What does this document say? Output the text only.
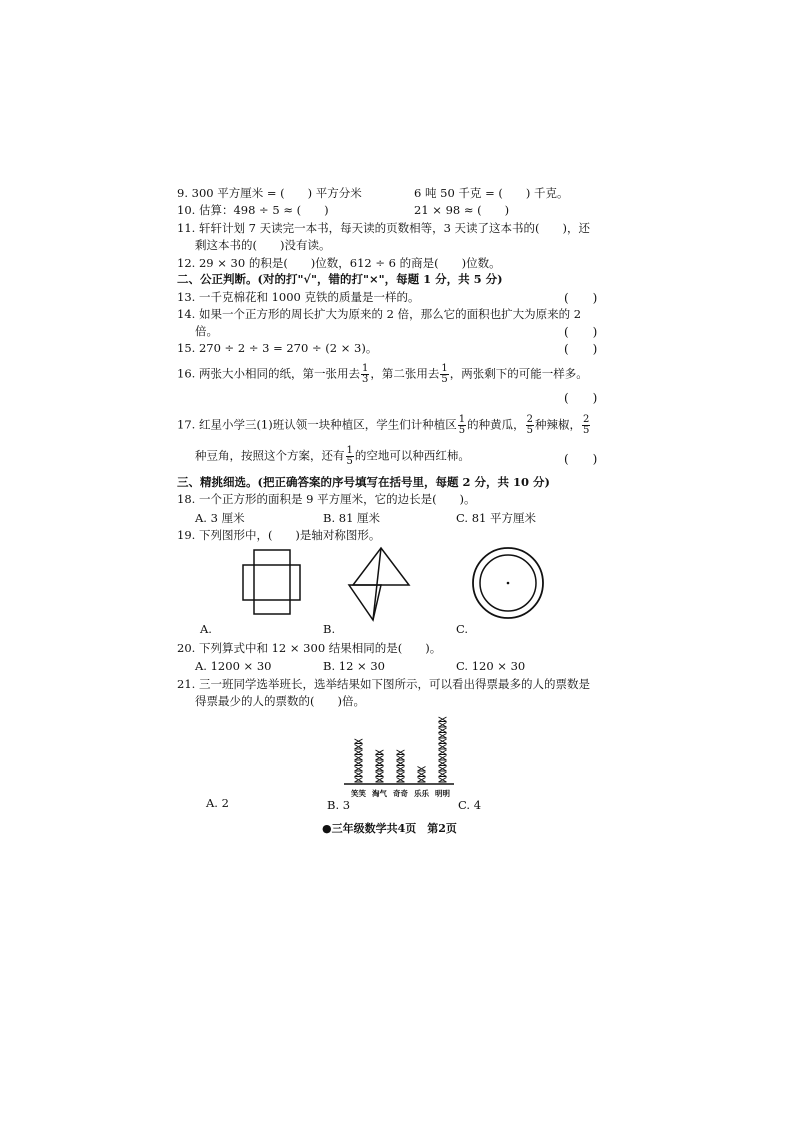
9. 300 平方厘米 = (　　) 平方分米	6 吨 50 千克 = (　　) 千克。
10. 估算：498 ÷ 5 ≈ (　　)	21 × 98 ≈ (　　)
11. 轩轩计划 7 天读完一本书，每天读的页数相等，3 天读了这本书的(　　)，还
剩这本书的(　　)没有读。
12. 29 × 30 的积是(　　)位数，612 ÷ 6 的商是(　　)位数。
二、公正判断。(对的打"√"，错的打"×"，每题 1 分，共 5 分)
13. 一千克棉花和 1000 克铁的质量是一样的。	(　　)
14. 如果一个正方形的周长扩大为原来的 2 倍，那么它的面积也扩大为原来的 2
倍。	(　　)
15. 270 ÷ 2 ÷ 3 = 270 ÷ (2 × 3)。	(　　)
16. 两张大小相同的纸，第一张用去 $\frac{1}{3}$ ，第二张用去 $\frac{1}{5}$ ，两张剩下的可能一样多。
(　　)
17. 红星小学三(1)班认领一块种植区，学生们计种植区 $\frac{1}{5}$ 的种黄瓜， $\frac{2}{5}$ 种辣椒， $\frac{2}{5}$
种豆角，按照这个方案，还有 $\frac{1}{5}$ 的空地可以种西红柿。	(　　)
三、精挑细选。(把正确答案的序号填写在括号里，每题 2 分，共 10 分)
18. 一个正方形的面积是 9 平方厘米，它的边长是(　　)。
A. 3 厘米	B. 81 厘米	C. 81 平方厘米
19. 下列图形中，(　　)是轴对称图形。
A.	B.	C.
20. 下列算式中和 12 × 300 结果相同的是(　　)。
A. 1200 × 30	B. 12 × 30	C. 120 × 30
21. 三一班同学选举班长，选举结果如下图所示，可以看出得票最多的人的票数是
得票最少的人的票数的(　　)倍。
笑笑 淘气 奇奇 乐乐 明明
A. 2	B. 3	C. 4
●三年级数学共4页　第2页
